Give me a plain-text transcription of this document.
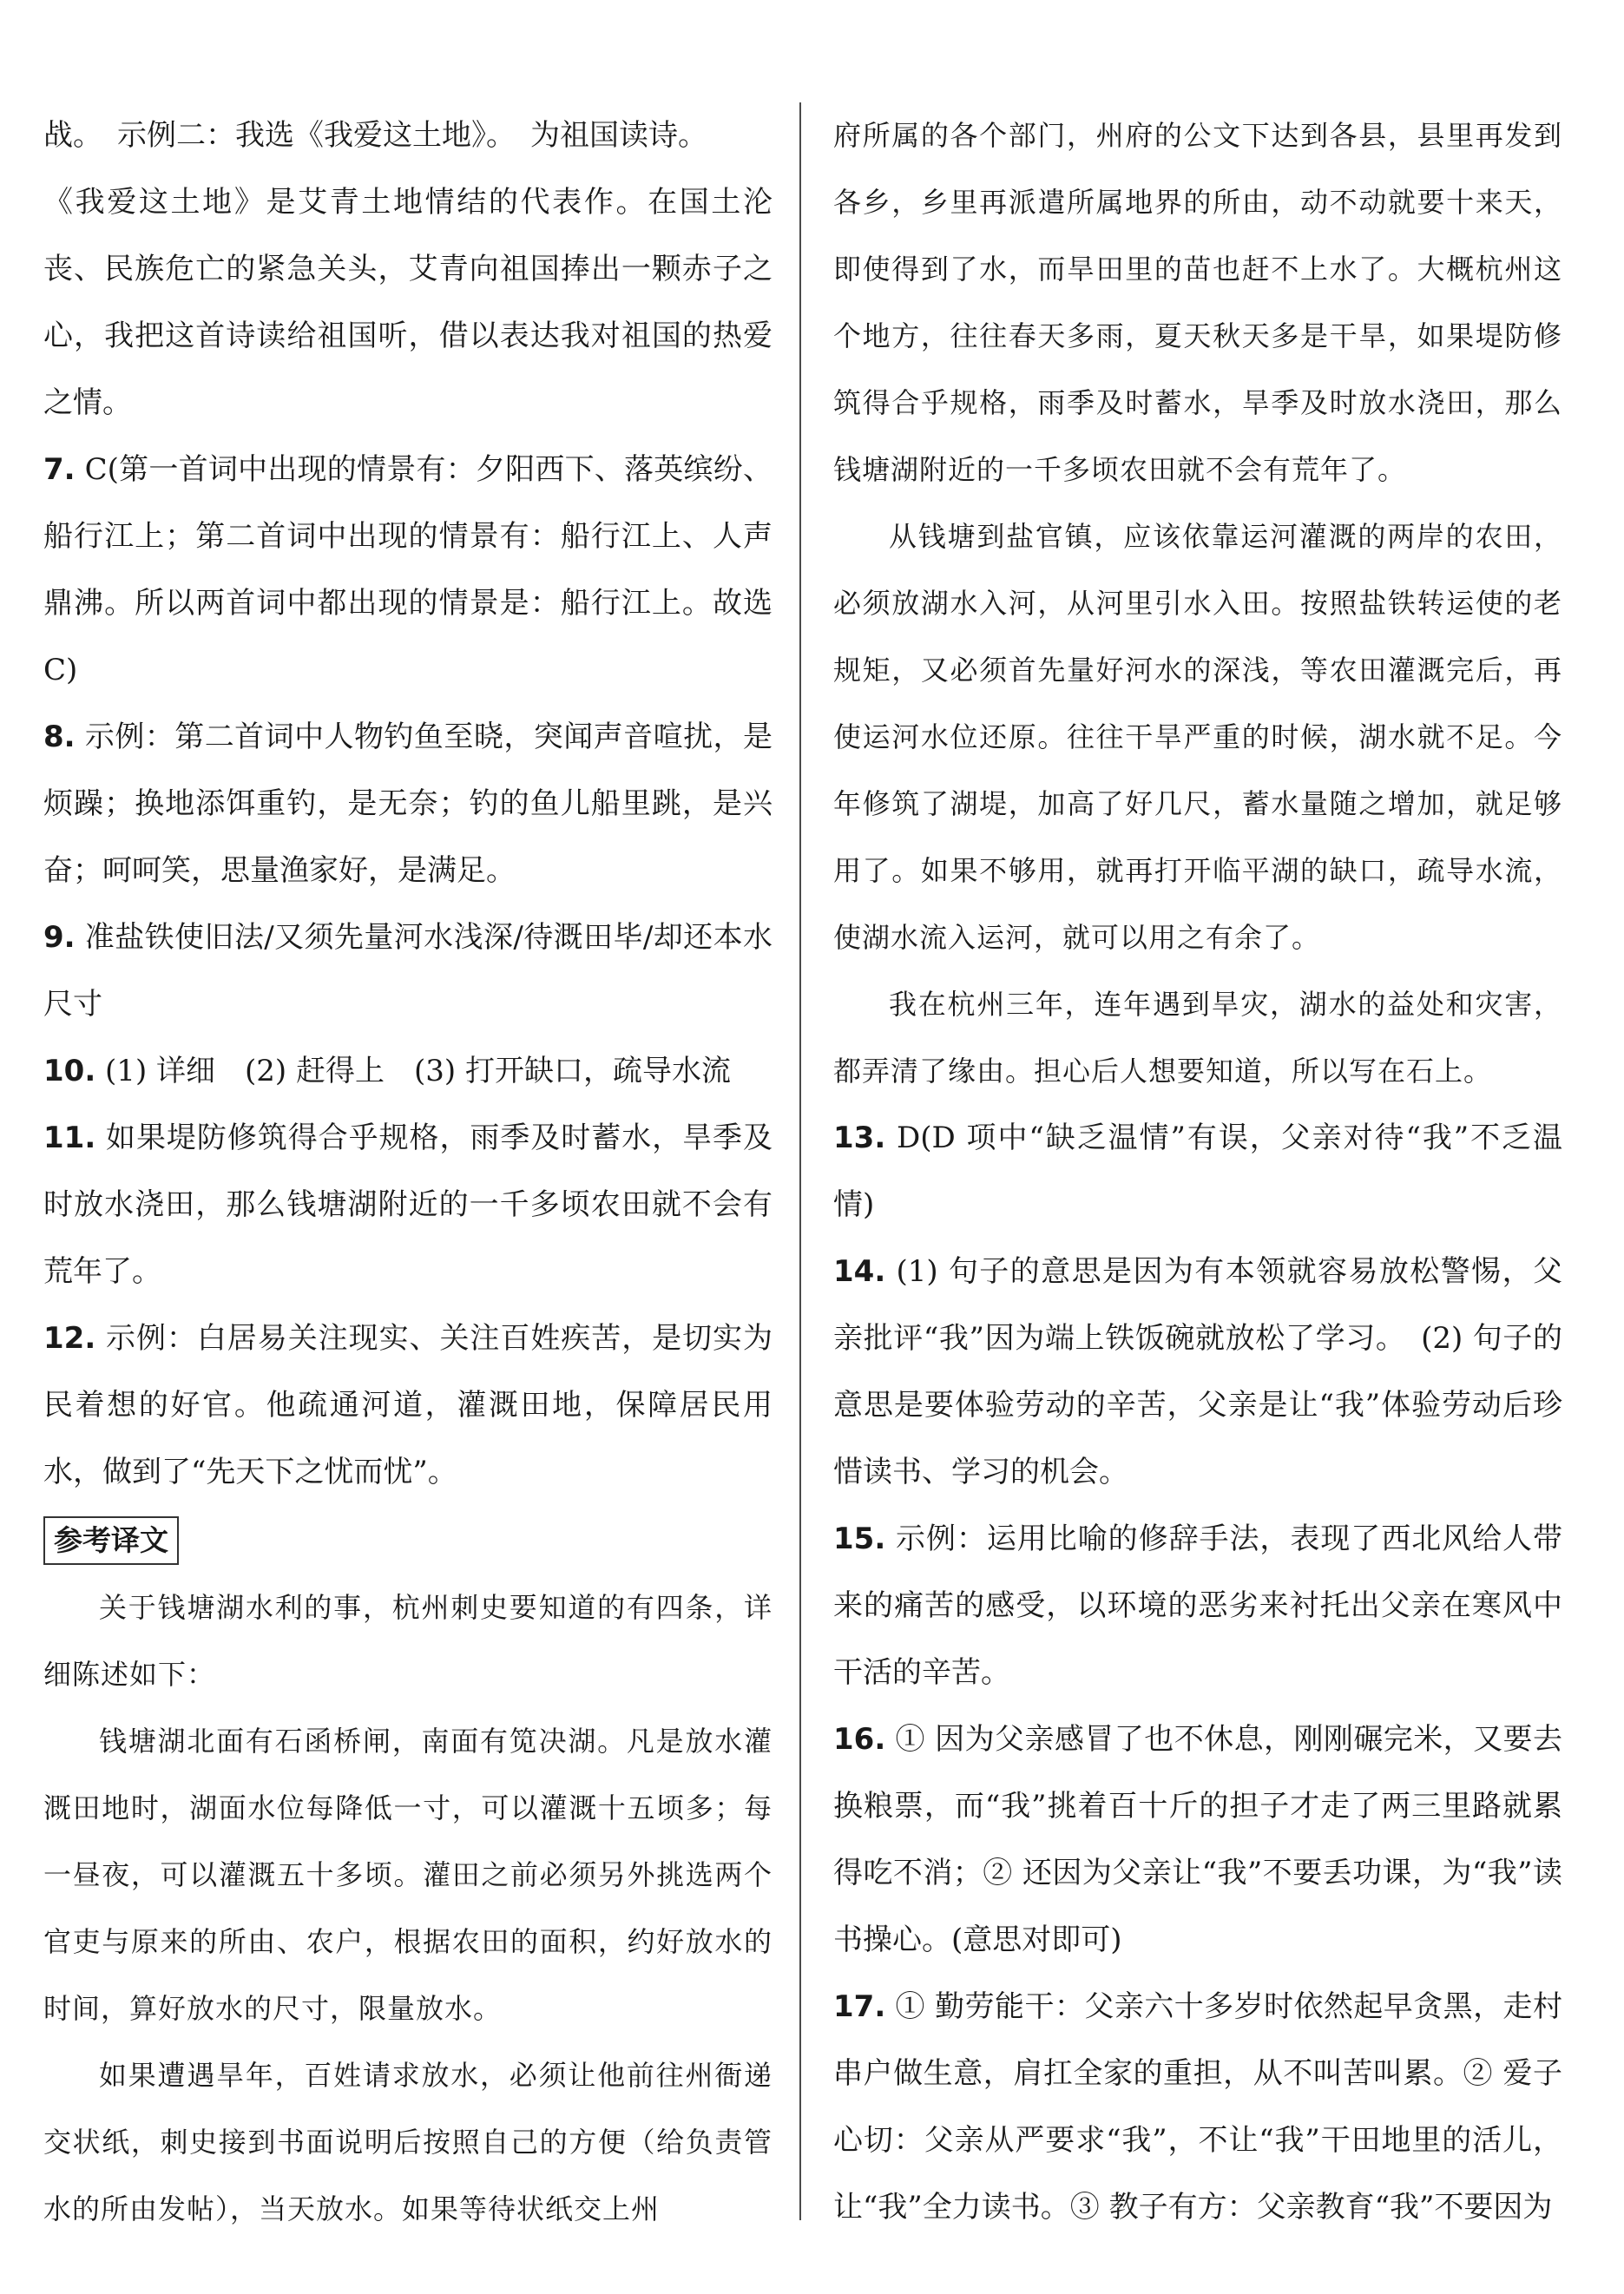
战。　示例二：我选《我爱这土地》。　为祖国读诗。

《我爱这土地》是艾青土地情结的代表作。在国土沦丧、民族危亡的紧急关头，艾青向祖国捧出一颗赤子之心，我把这首诗读给祖国听，借以表达我对祖国的热爱之情。

7. C(第一首词中出现的情景有：夕阳西下、落英缤纷、船行江上；第二首词中出现的情景有：船行江上、人声鼎沸。所以两首词中都出现的情景是：船行江上。故选 C)

8. 示例：第二首词中人物钓鱼至晓，突闻声音喧扰，是烦躁；换地添饵重钓，是无奈；钓的鱼儿船里跳，是兴奋；呵呵笑，思量渔家好，是满足。

9. 准盐铁使旧法/又须先量河水浅深/待溉田毕/却还本水尺寸

10. (1) 详细　(2) 赶得上　(3) 打开缺口，疏导水流

11. 如果堤防修筑得合乎规格，雨季及时蓄水，旱季及时放水浇田，那么钱塘湖附近的一千多顷农田就不会有荒年了。

12. 示例：白居易关注现实、关注百姓疾苦，是切实为民着想的好官。他疏通河道，灌溉田地，保障居民用水，做到了“先天下之忧而忧”。

参考译文

关于钱塘湖水利的事，杭州刺史要知道的有四条，详细陈述如下：

钱塘湖北面有石函桥闸，南面有笕决湖。凡是放水灌溉田地时，湖面水位每降低一寸，可以灌溉十五顷多；每一昼夜，可以灌溉五十多顷。灌田之前必须另外挑选两个官吏与原来的所由、农户，根据农田的面积，约好放水的时间，算好放水的尺寸，限量放水。

如果遭遇旱年，百姓请求放水，必须让他前往州衙递交状纸，刺史接到书面说明后按照自己的方便（给负责管水的所由发帖），当天放水。如果等待状纸交上州

府所属的各个部门，州府的公文下达到各县，县里再发到各乡，乡里再派遣所属地界的所由，动不动就要十来天，即使得到了水，而旱田里的苗也赶不上水了。大概杭州这个地方，往往春天多雨，夏天秋天多是干旱，如果堤防修筑得合乎规格，雨季及时蓄水，旱季及时放水浇田，那么钱塘湖附近的一千多顷农田就不会有荒年了。

从钱塘到盐官镇，应该依靠运河灌溉的两岸的农田，必须放湖水入河，从河里引水入田。按照盐铁转运使的老规矩，又必须首先量好河水的深浅，等农田灌溉完后，再使运河水位还原。往往干旱严重的时候，湖水就不足。今年修筑了湖堤，加高了好几尺，蓄水量随之增加，就足够用了。如果不够用，就再打开临平湖的缺口，疏导水流，使湖水流入运河，就可以用之有余了。

我在杭州三年，连年遇到旱灾，湖水的益处和灾害，都弄清了缘由。担心后人想要知道，所以写在石上。

13. D(D 项中“缺乏温情”有误，父亲对待“我”不乏温情)

14. (1) 句子的意思是因为有本领就容易放松警惕，父亲批评“我”因为端上铁饭碗就放松了学习。　(2) 句子的意思是要体验劳动的辛苦，父亲是让“我”体验劳动后珍惜读书、学习的机会。

15. 示例：运用比喻的修辞手法，表现了西北风给人带来的痛苦的感受，以环境的恶劣来衬托出父亲在寒风中干活的辛苦。

16. ① 因为父亲感冒了也不休息，刚刚碾完米，又要去换粮票，而“我”挑着百十斤的担子才走了两三里路就累得吃不消；② 还因为父亲让“我”不要丢功课，为“我”读书操心。(意思对即可)

17. ① 勤劳能干：父亲六十多岁时依然起早贪黑，走村串户做生意，肩扛全家的重担，从不叫苦叫累。② 爱子心切：父亲从严要求“我”，不让“我”干田地里的活儿，让“我”全力读书。③ 教子有方：父亲教育“我”不要因为
